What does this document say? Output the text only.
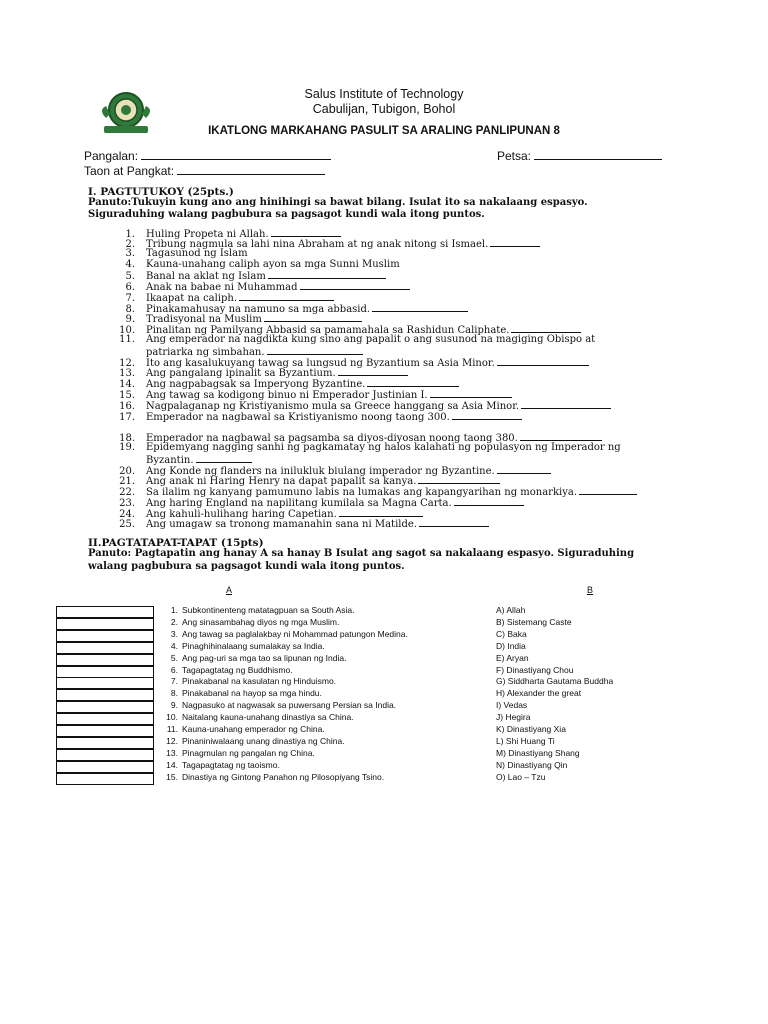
Salus Institute of Technology
Cabulijan, Tubigon, Bohol
IKATLONG MARKAHANG PASULIT SA ARALING PANLIPUNAN 8
Pangalan:	Petsa:
Taon at Pangkat:
I. PAGTUTUKOY (25pts.)
Panuto:Tukuyin kung ano ang hinihingi sa bawat bilang. Isulat ito sa nakalaang espasyo.
Siguraduhing walang pagbubura sa pagsagot kundi wala itong puntos.
1. Huling Propeta ni Allah.
2. Tribung nagmula sa lahi nina Abraham at ng anak nitong si Ismael.
3. Tagasunod ng Islam
4. Kauna-unahang caliph ayon sa mga Sunni Muslim
5. Banal na aklat ng Islam
6. Anak na babae ni Muhammad
7. Ikaapat na caliph.
8. Pinakamahusay na namuno sa mga abbasid.
9. Tradisyonal na Muslim
10. Pinalitan ng Pamilyang Abbasid sa pamamahala sa Rashidun Caliphate.
11. Ang emperador na nagdikta kung sino ang papalit o ang susunod na magiging Obispo at
patriarka ng simbahan.
12. Ito ang kasalukuyang tawag sa lungsud ng Byzantium sa Asia Minor.
13. Ang pangalang ipinalit sa Byzantium.
14. Ang nagpabagsak sa Imperyong Byzantine.
15. Ang tawag sa kodigong binuo ni Emperador Justinian I.
16. Nagpalaganap ng Kristiyanismo mula sa Greece hanggang sa Asia Minor.
17. Emperador na nagbawal sa Kristiyanismo noong taong 300.
18. Emperador na nagbawal sa pagsamba sa diyos-diyosan noong taong 380.
19. Epidemyang nagging sanhi ng pagkamatay ng halos kalahati ng populasyon ng Imperador ng
Byzantin.
20. Ang Konde ng flanders na inilukluk biulang imperador ng Byzantine.
21. Ang anak ni Haring Henry na dapat papalit sa kanya.
22. Sa ilalim ng kanyang pamumuno labis na lumakas ang kapangyarihan ng monarkiya.
23. Ang haring England na napilitang kumilala sa Magna Carta.
24. Ang kahuli-hulihang haring Capetian.
25. Ang umagaw sa tronong mamanahin sana ni Matilde.
II.PAGTATAPAT-TAPAT (15pts)
Panuto: Pagtapatin ang hanay A sa hanay B Isulat ang sagot sa nakalaang espasyo. Siguraduhing
walang pagbubura sa pagsagot kundi wala itong puntos.
A	B
1. Subkontinenteng matatagpuan sa South Asia.	A) Allah
2. Ang sinasambahag diyos ng mga Muslim.	B) Sistemang Caste
3. Ang tawag sa paglalakbay ni Mohammad patungon Medina.	C) Baka
4. Pinaghihinalaang sumalakay sa India.	D) India
5. Ang pag-uri sa mga tao sa lipunan ng India.	E) Aryan
6. Tagapagtatag ng Buddhismo.	F) Dinastiyang Chou
7. Pinakabanal na kasulatan ng Hinduismo.	G) Siddharta Gautama Buddha
8. Pinakabanal na hayop sa mga hindu.	H) Alexander the great
9. Nagpasuko at nagwasak sa puwersang Persian sa India.	I) Vedas
10. Naitalang kauna-unahang dinastiya sa China.	J) Hegira
11. Kauna-unahang emperador ng China.	K) Dinastiyang Xia
12. Pinaniniwalaang unang dinastiya ng China.	L) Shi Huang Ti
13. Pinagmulan ng pangalan ng China.	M) Dinastiyang Shang
14. Tagapagtatag ng taoismo.	N) Dinastiyang Qin
15. Dinastiya ng Gintong Panahon ng Pilosopiyang Tsino.	O) Lao – Tzu
